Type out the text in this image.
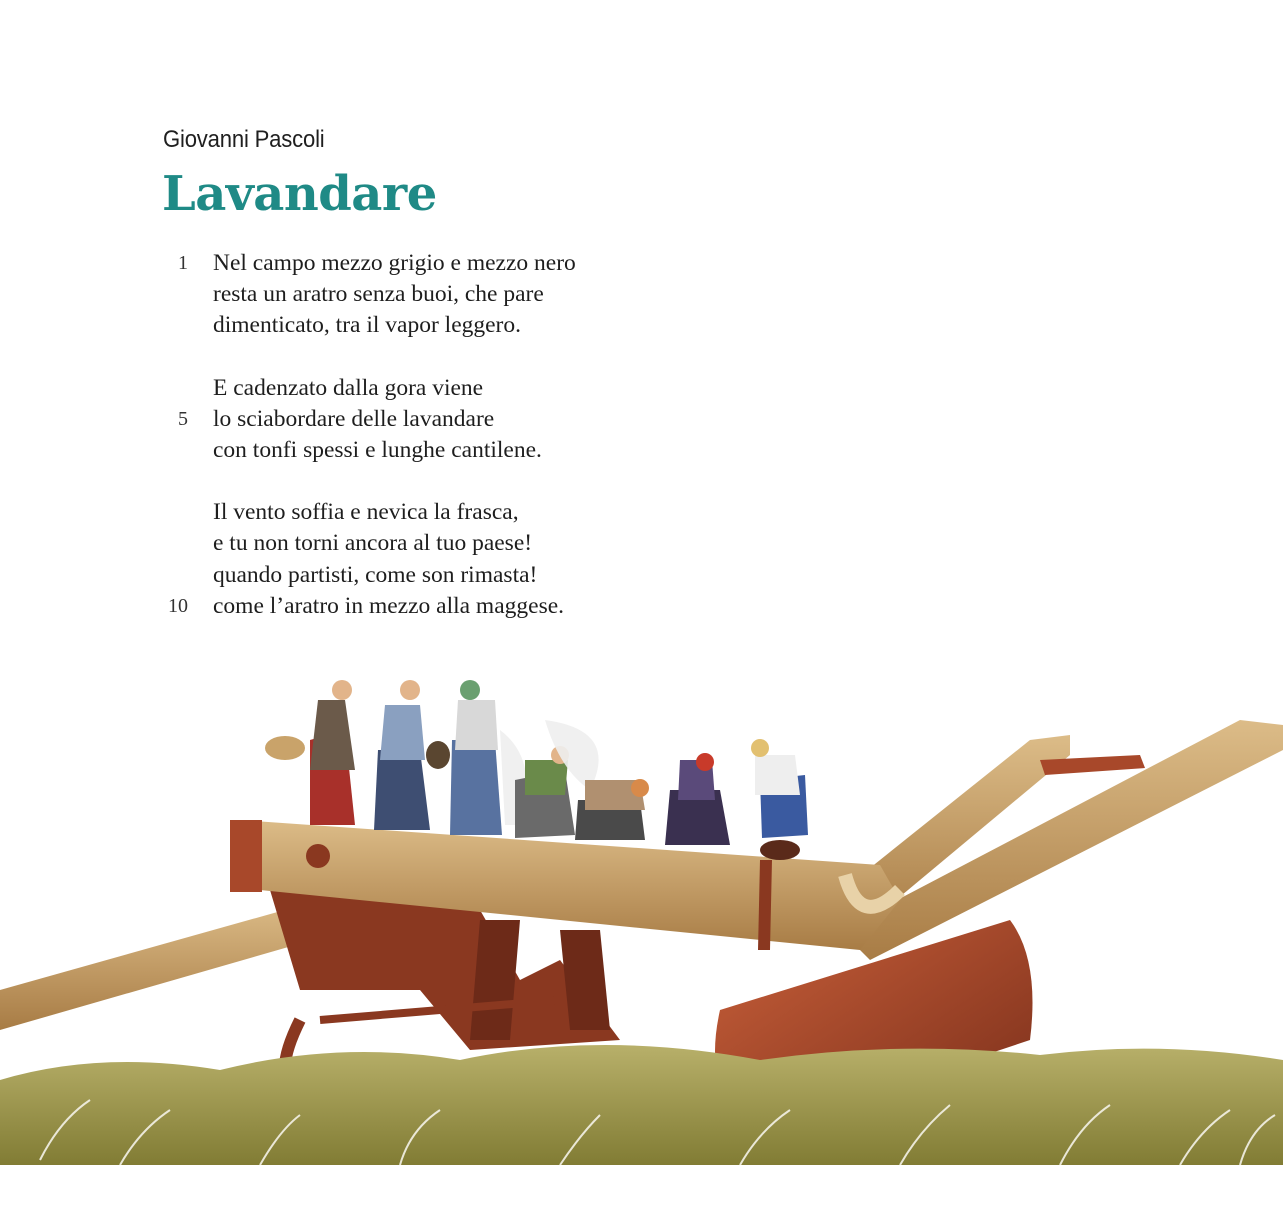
Giovanni Pascoli
Lavandare
1 Nel campo mezzo grigio e mezzo nero
resta un aratro senza buoi, che pare
dimenticato, tra il vapor leggero.
E cadenzato dalla gora viene
5 lo sciabordare delle lavandare
con tonfi spessi e lunghe cantilene.
Il vento soffia e nevica la frasca,
e tu non torni ancora al tuo paese!
quando partisti, come son rimasta!
10 come l’aratro in mezzo alla maggese.
